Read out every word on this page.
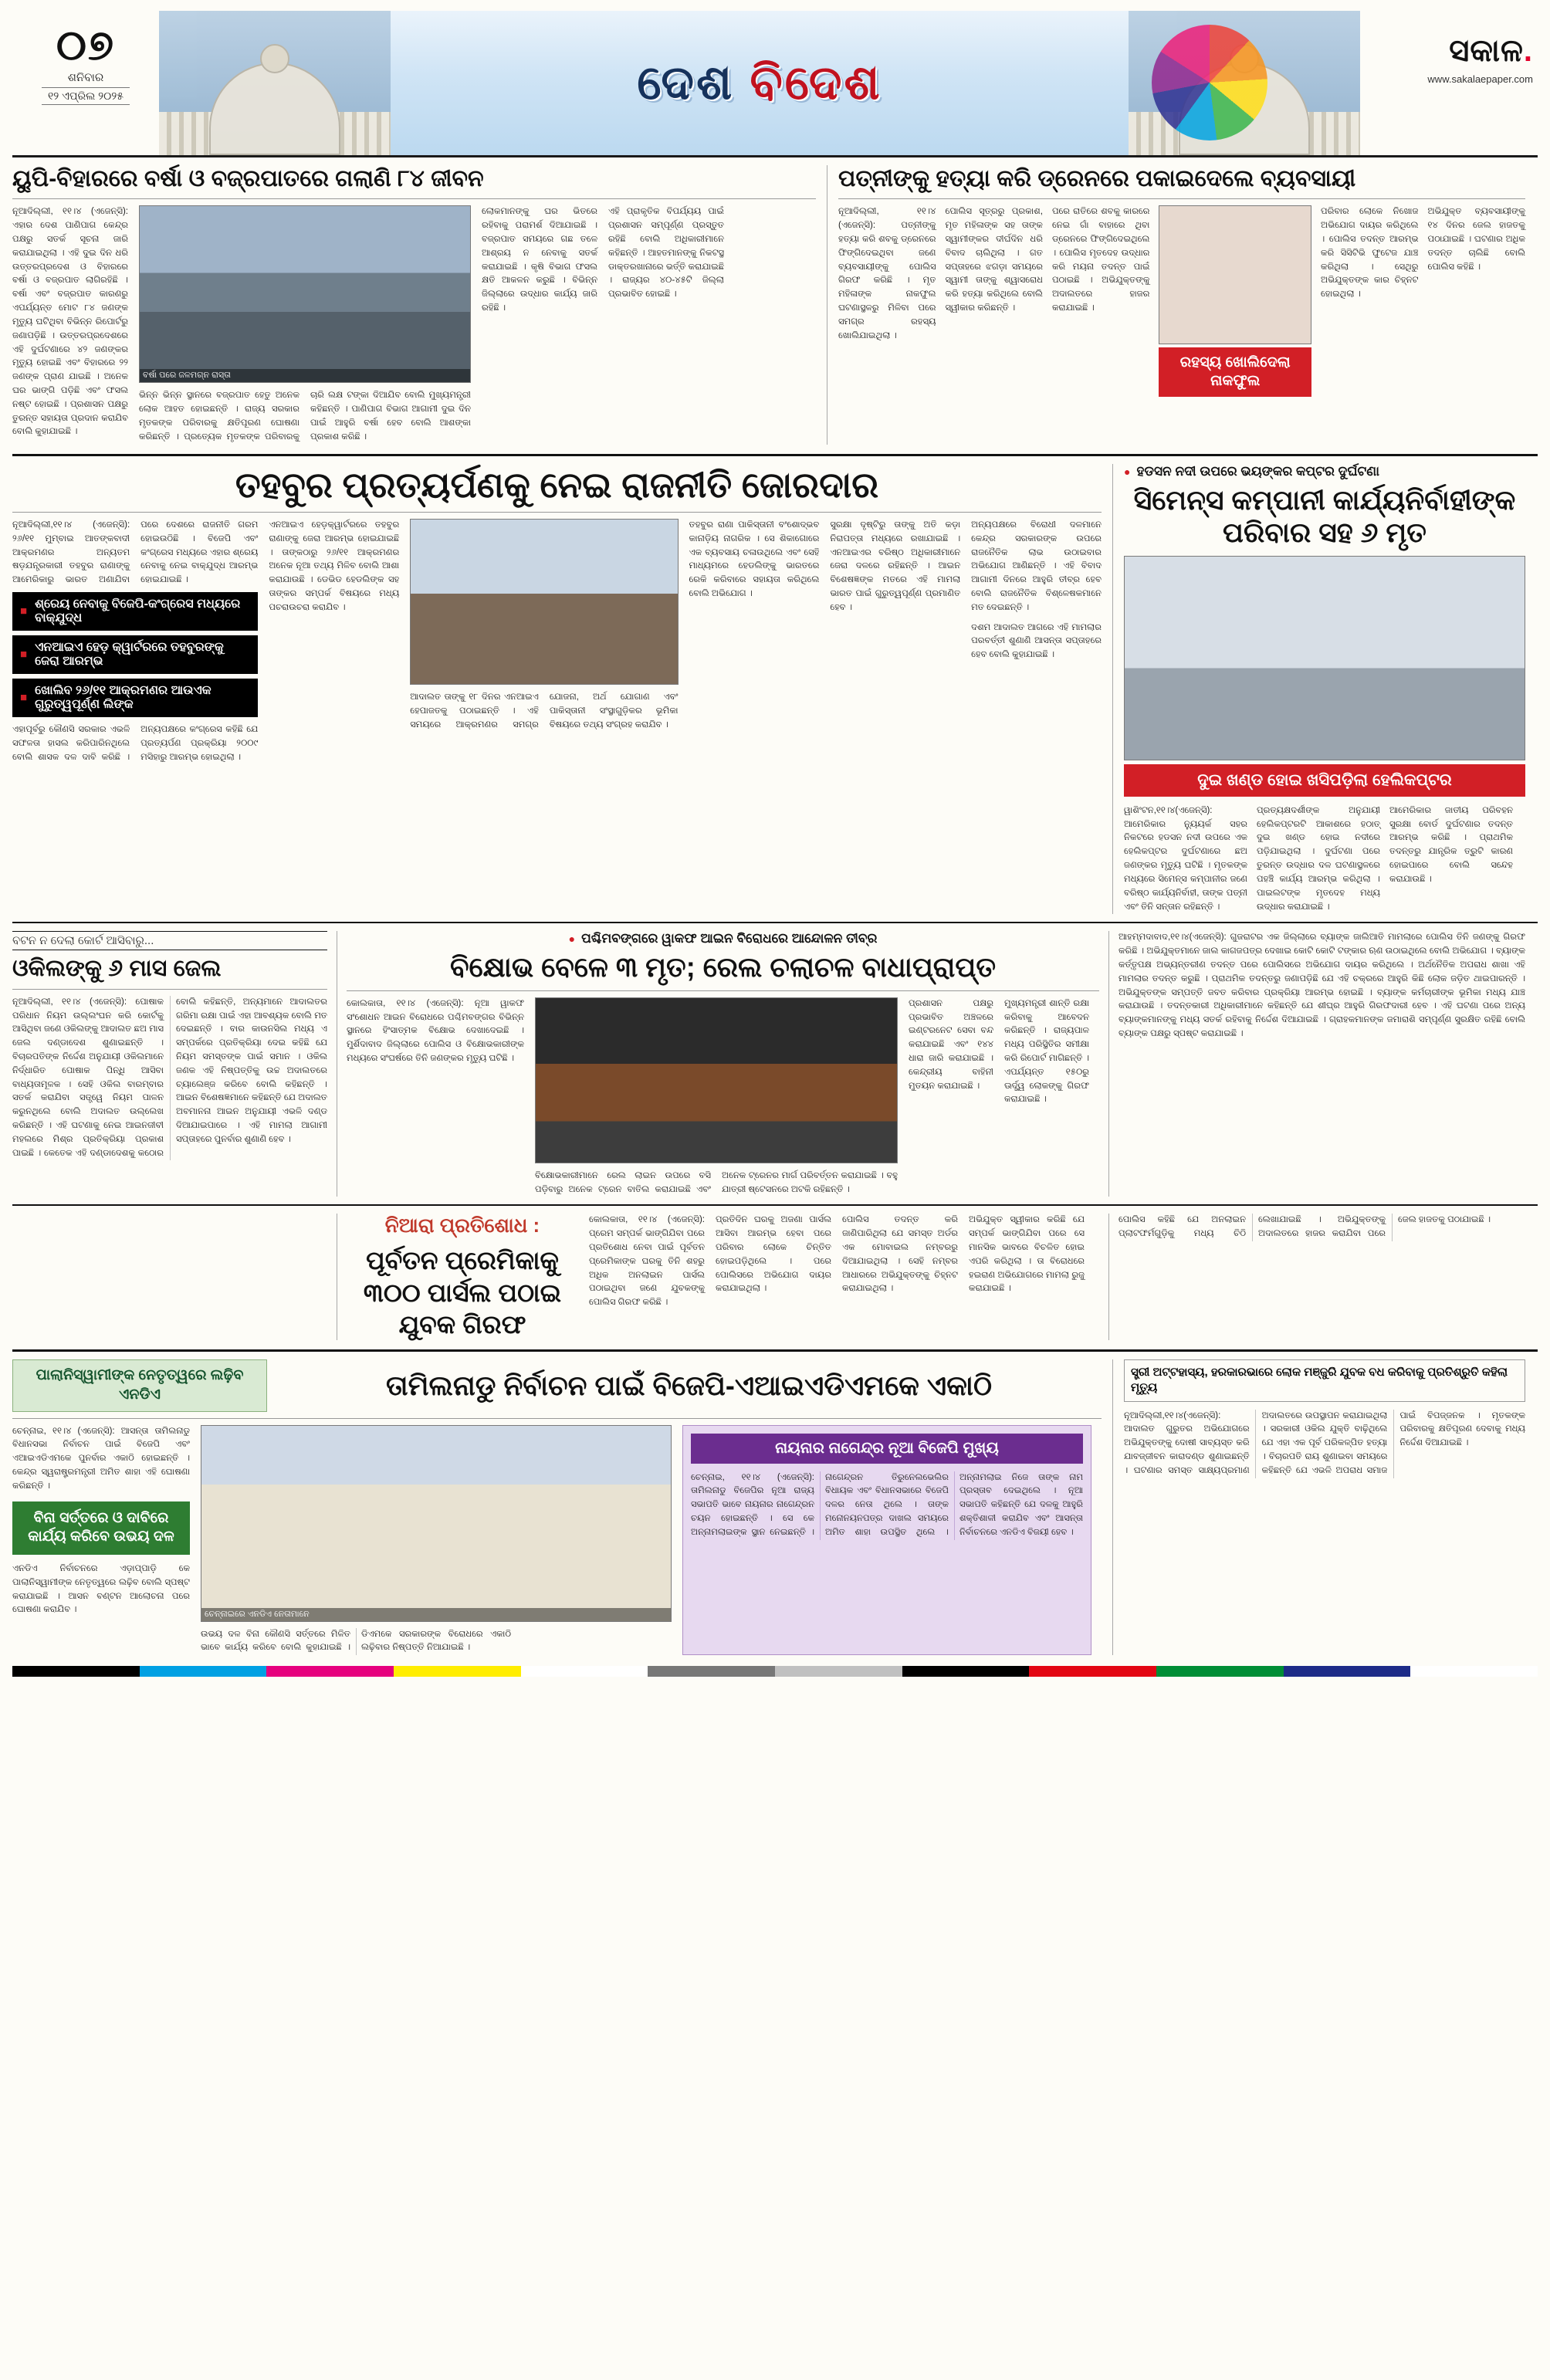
୦୭
ଶନିବାର
୧୨ ଏପ୍ରିଲ ୨୦୨୫	ଦେଶ ବିଦେଶ
ସକାଳ.
www.sakalaepaper.com
ୟୁପି-ବିହାରରେ ବର୍ଷା ଓ ବଜ୍ରପାତରେ ଗଲାଣି ୮୪ ଜୀବନ
ନୂଆଦିଲ୍ଲୀ, ୧୧।୪ (ଏଜେନ୍ସି): ଏହାର ଦେଶ ପାଣିପାଗ କେନ୍ଦ୍ର ପକ୍ଷରୁ ସତର୍କ ସୂଚନା ଜାରି କରାଯାଇଥିଲା । ଏହି ଦୁଇ ଦିନ ଧରି ଉତ୍ତରପ୍ରଦେଶ ଓ ବିହାରରେ ବର୍ଷା ଓ ବଜ୍ରପାତ ଲାଗିରହିଛି । ବର୍ଷା ଏବଂ ବଜ୍ରପାତ କାରଣରୁ ଏପର୍ଯ୍ୟନ୍ତ ମୋଟ ୮୪ ଜଣଙ୍କ ମୃତ୍ୟୁ ଘଟିଥିବା ବିଭିନ୍ନ ରିପୋର୍ଟରୁ ଜଣାପଡ଼ିଛି । ଉତ୍ତରପ୍ରଦେଶରେ ଏହି ଦୁର୍ଘଟଣାରେ ୪୨ ଜଣଙ୍କର ମୃତ୍ୟୁ ହୋଇଛି ଏବଂ ବିହାରରେ ୨୨ ଜଣଙ୍କ ପ୍ରାଣ ଯାଇଛି । ଅନେକ ଘର ଭାଙ୍ଗି ପଡ଼ିଛି ଏବଂ ଫସଲ ନଷ୍ଟ ହୋଇଛି । ପ୍ରଶାସନ ପକ୍ଷରୁ ତୁରନ୍ତ ସହାୟତା ପ୍ରଦାନ କରାଯିବ ବୋଲି କୁହାଯାଇଛି ।
ବର୍ଷା ପରେ ଜଳମଗ୍ନ ରାସ୍ତା
ଭିନ୍ନ ଭିନ୍ନ ସ୍ଥାନରେ ବଜ୍ରପାତ ହେତୁ ଅନେକ ଲୋକ ଆହତ ହୋଇଛନ୍ତି । ରାଜ୍ୟ ସରକାର ମୃତକଙ୍କ ପରିବାରକୁ କ୍ଷତିପୂରଣ ଘୋଷଣା କରିଛନ୍ତି । ପ୍ରତ୍ୟେକ ମୃତକଙ୍କ ପରିବାରକୁ ଚାରି ଲକ୍ଷ ଟଙ୍କା ଦିଆଯିବ ବୋଲି ମୁଖ୍ୟମନ୍ତ୍ରୀ କହିଛନ୍ତି । ପାଣିପାଗ ବିଭାଗ ଆଗାମୀ ଦୁଇ ଦିନ ପାଇଁ ଆହୁରି ବର୍ଷା ହେବ ବୋଲି ଆଶଙ୍କା ପ୍ରକାଶ କରିଛି ।
ଲୋକମାନଙ୍କୁ ଘର ଭିତରେ ରହିବାକୁ ପରାମର୍ଶ ଦିଆଯାଇଛି । ବଜ୍ରପାତ ସମୟରେ ଗଛ ତଳେ ଆଶ୍ରୟ ନ ନେବାକୁ ସତର୍କ କରାଯାଇଛି । କୃଷି ବିଭାଗ ଫସଲ କ୍ଷତି ଆକଳନ କରୁଛି । ବିଭିନ୍ନ ଜିଲ୍ଲାରେ ଉଦ୍ଧାର କାର୍ଯ୍ୟ ଜାରି ରହିଛି ।
ଏହି ପ୍ରାକୃତିକ ବିପର୍ଯ୍ୟୟ ପାଇଁ ପ୍ରଶାସନ ସମ୍ପୂର୍ଣ୍ଣ ପ୍ରସ୍ତୁତ ରହିଛି ବୋଲି ଅଧିକାରୀମାନେ କହିଛନ୍ତି । ଆହତମାନଙ୍କୁ ନିକଟସ୍ଥ ଡାକ୍ତରଖାନାରେ ଭର୍ତ୍ତି କରାଯାଇଛି । ରାଜ୍ୟର ୪୦-୪୫ଟି ଜିଲ୍ଲା ପ୍ରଭାବିତ ହୋଇଛି ।
ପତ୍ନୀଙ୍କୁ ହତ୍ୟା କରି ଡ୍ରେନରେ ପକାଇଦେଲେ ବ୍ୟବସାୟୀ
ନୂଆଦିଲ୍ଲୀ, ୧୧।୪ (ଏଜେନ୍ସି): ପତ୍ନୀଙ୍କୁ ହତ୍ୟା କରି ଶବକୁ ଡ୍ରେନରେ ଫିଙ୍ଗିଦେଇଥିବା ଜଣେ ବ୍ୟବସାୟୀଙ୍କୁ ପୋଲିସ ଗିରଫ କରିଛି । ମୃତ ମହିଳାଙ୍କ ନାକଫୁଲ ଘଟଣାସ୍ଥଳରୁ ମିଳିବା ପରେ ସମଗ୍ର ରହସ୍ୟ ଖୋଲିଯାଇଥିଲା ।
ପୋଲିସ ସୂତ୍ରରୁ ପ୍ରକାଶ, ମୃତ ମହିଳାଙ୍କ ସହ ତାଙ୍କ ସ୍ୱାମୀଙ୍କର ଦୀର୍ଘଦିନ ଧରି ବିବାଦ ଚାଲିଥିଲା । ଗତ ସପ୍ତାହରେ ଝଗଡ଼ା ସମୟରେ ସ୍ୱାମୀ ତାଙ୍କୁ ଶ୍ୱାସରୋଧ କରି ହତ୍ୟା କରିଥିଲେ ବୋଲି ସ୍ୱୀକାର କରିଛନ୍ତି ।
ପରେ ରାତିରେ ଶବକୁ କାରରେ ନେଇ ଗାଁ ବାହାରେ ଥିବା ଡ୍ରେନରେ ଫିଙ୍ଗିଦେଇଥିଲେ । ପୋଲିସ ମୃତଦେହ ଉଦ୍ଧାର କରି ମୟନା ତଦନ୍ତ ପାଇଁ ପଠାଇଛି । ଅଭିଯୁକ୍ତଙ୍କୁ ଅଦାଲତରେ ହାଜର କରାଯାଇଛି ।
ରହସ୍ୟ ଖୋଲିଦେଲା ନାକଫୁଲ
ପରିବାର ଲୋକେ ନିଖୋଜ ଅଭିଯୋଗ ଦାୟର କରିଥିଲେ । ପୋଲିସ ତଦନ୍ତ ଆରମ୍ଭ କରି ସିସିଟିଭି ଫୁଟେଜ ଯାଞ୍ଚ କରିଥିଲା । ସେଥିରୁ ଅଭିଯୁକ୍ତଙ୍କ କାର ଚିହ୍ନଟ ହୋଇଥିଲା ।
ଅଭିଯୁକ୍ତ ବ୍ୟବସାୟୀଙ୍କୁ ୧୪ ଦିନର ଜେଲ ହାଜତକୁ ପଠାଯାଇଛି । ଘଟଣାର ଅଧିକ ତଦନ୍ତ ଚାଲିଛି ବୋଲି ପୋଲିସ କହିଛି ।
ତହବୁର ପ୍ରତ୍ୟର୍ପଣକୁ ନେଇ ରାଜନୀତି ଜୋରଦାର
ନୂଆଦିଲ୍ଲୀ,୧୧।୪ (ଏଜେନ୍ସି): ୨୬/୧୧ ମୁମ୍ବାଇ ଆତଙ୍କବାଦୀ ଆକ୍ରମଣର ଅନ୍ୟତମ ଷଡ଼ଯନ୍ତ୍ରକାରୀ ତହବୁର ରାଣାଙ୍କୁ ଆମେରିକାରୁ ଭାରତ ଅଣାଯିବା ପରେ ଦେଶରେ ରାଜନୀତି ଗରମ ହୋଇଉଠିଛି । ବିଜେପି ଏବଂ କଂଗ୍ରେସ ମଧ୍ୟରେ ଏହାର ଶ୍ରେୟ ନେବାକୁ ନେଇ ବାକ୍‌ଯୁଦ୍ଧ ଆରମ୍ଭ ହୋଇଯାଇଛି ।
■ ଶ୍ରେୟ ନେବାକୁ ବିଜେପି-କଂଗ୍ରେସ ମଧ୍ୟରେ ବାକ୍‌ଯୁଦ୍ଧ
■ ଏନଆଇଏ ହେଡ଼ କ୍ୱାର୍ଟରରେ ତହବୁରଙ୍କୁ ଜେରା ଆରମ୍ଭ
■ ଖୋଲିବ ୨୬/୧୧ ଆକ୍ରମଣର ଆଉଏକ ଗୁରୁତ୍ୱପୂର୍ଣ୍ଣ ଲିଙ୍କ
ଏହାପୂର୍ବରୁ କୌଣସି ସରକାର ଏଭଳି ସଫଳତା ହାସଲ କରିପାରିନଥିଲେ ବୋଲି ଶାସକ ଦଳ ଦାବି କରିଛି । ଅନ୍ୟପକ୍ଷରେ କଂଗ୍ରେସ କହିଛି ଯେ ପ୍ରତ୍ୟର୍ପଣ ପ୍ରକ୍ରିୟା ୨୦୦୯ ମସିହାରୁ ଆରମ୍ଭ ହୋଇଥିଲା ।
ଏନଆଇଏ ହେଡ଼କ୍ୱାର୍ଟରରେ ତହବୁର ରାଣାଙ୍କୁ ଜେରା ଆରମ୍ଭ ହୋଇଯାଇଛି । ତାଙ୍କଠାରୁ ୨୬/୧୧ ଆକ୍ରମଣର ଅନେକ ନୂଆ ତଥ୍ୟ ମିଳିବ ବୋଲି ଆଶା କରାଯାଉଛି । ଡେଭିଡ ହେଡଲିଙ୍କ ସହ ତାଙ୍କର ସମ୍ପର୍କ ବିଷୟରେ ମଧ୍ୟ ପଚରାଉଚରା କରାଯିବ ।
ଆଦାଲତ ତାଙ୍କୁ ୧୮ ଦିନର ଏନଆଇଏ ହେପାଜତକୁ ପଠାଇଛନ୍ତି । ଏହି ସମୟରେ ଆକ୍ରମଣର ସମଗ୍ର ଯୋଜନା, ଅର୍ଥ ଯୋଗାଣ ଏବଂ ପାକିସ୍ତାନୀ ସଂସ୍ଥାଗୁଡ଼ିକର ଭୂମିକା ବିଷୟରେ ତଥ୍ୟ ସଂଗ୍ରହ କରାଯିବ ।
ତହବୁର ରାଣା ପାକିସ୍ତାନୀ ବଂଶୋଦ୍ଭବ କାନାଡ଼ିୟ ନାଗରିକ । ସେ ଶିକାଗୋରେ ଏକ ବ୍ୟବସାୟ ଚଳାଉଥିଲେ ଏବଂ ସେହି ମାଧ୍ୟମରେ ହେଡଲିଙ୍କୁ ଭାରତରେ ରେକି କରିବାରେ ସହାୟତା କରିଥିଲେ ବୋଲି ଅଭିଯୋଗ ।
ସୁରକ୍ଷା ଦୃଷ୍ଟିରୁ ତାଙ୍କୁ ଅତି କଡ଼ା ନିରାପତ୍ତା ମଧ୍ୟରେ ରଖାଯାଇଛି । ଏନଆଇଏର ବରିଷ୍ଠ ଅଧିକାରୀମାନେ ଜେରା ଦଳରେ ରହିଛନ୍ତି । ଆଇନ ବିଶେଷଜ୍ଞଙ୍କ ମତରେ ଏହି ମାମଲା ଭାରତ ପାଇଁ ଗୁରୁତ୍ୱପୂର୍ଣ୍ଣ ପ୍ରମାଣିତ ହେବ ।
ଅନ୍ୟପକ୍ଷରେ ବିରୋଧୀ ଦଳମାନେ କେନ୍ଦ୍ର ସରକାରଙ୍କ ଉପରେ ରାଜନୈତିକ ଲାଭ ଉଠାଇବାର ଅଭିଯୋଗ ଆଣିଛନ୍ତି । ଏହି ବିବାଦ ଆଗାମୀ ଦିନରେ ଆହୁରି ତୀବ୍ର ହେବ ବୋଲି ରାଜନୈତିକ ବିଶ୍ଳେଷକମାନେ ମତ ଦେଇଛନ୍ତି ।
ଦଶମ ଆଦାଲତ ଆଗରେ ଏହି ମାମଲାର ପରବର୍ତ୍ତୀ ଶୁଣାଣି ଆସନ୍ତା ସପ୍ତାହରେ ହେବ ବୋଲି କୁହାଯାଇଛି ।
● ହଡସନ ନଦୀ ଉପରେ ଭୟଙ୍କର କପ୍ଟର ଦୁର୍ଘଟଣା
ସିମେନ୍ସ କମ୍ପାନୀ କାର୍ଯ୍ୟନିର୍ବାହୀଙ୍କ ପରିବାର ସହ ୬ ମୃତ
ଦୁଇ ଖଣ୍ଡ ହୋଇ ଖସିପଡ଼ିଲା ହେଲିକପ୍ଟର
ୱାଶିଂଟନ,୧୧।୪(ଏଜେନ୍ସି): ଆମେରିକାର ନ୍ୟୁୟର୍କ ସହର ନିକଟରେ ହଡସନ ନଦୀ ଉପରେ ଏକ ହେଲିକପ୍ଟର ଦୁର୍ଘଟଣାରେ ଛଅ ଜଣଙ୍କର ମୃତ୍ୟୁ ଘଟିଛି । ମୃତକଙ୍କ ମଧ୍ୟରେ ସିମେନ୍ସ କମ୍ପାନୀର ଜଣେ ବରିଷ୍ଠ କାର୍ଯ୍ୟନିର୍ବାହୀ, ତାଙ୍କ ପତ୍ନୀ ଏବଂ ତିନି ସନ୍ତାନ ରହିଛନ୍ତି ।
ପ୍ରତ୍ୟକ୍ଷଦର୍ଶୀଙ୍କ ଅନୁଯାୟୀ ହେଲିକପ୍ଟରଟି ଆକାଶରେ ହଠାତ୍ ଦୁଇ ଖଣ୍ଡ ହୋଇ ନଦୀରେ ପଡ଼ିଯାଇଥିଲା । ଦୁର୍ଘଟଣା ପରେ ତୁରନ୍ତ ଉଦ୍ଧାର ଦଳ ଘଟଣାସ୍ଥଳରେ ପହଞ୍ଚି କାର୍ଯ୍ୟ ଆରମ୍ଭ କରିଥିଲା । ପାଇଲଟଙ୍କ ମୃତଦେହ ମଧ୍ୟ ଉଦ୍ଧାର କରାଯାଇଛି ।
ଆମେରିକାର ଜାତୀୟ ପରିବହନ ସୁରକ୍ଷା ବୋର୍ଡ ଦୁର୍ଘଟଣାର ତଦନ୍ତ ଆରମ୍ଭ କରିଛି । ପ୍ରାଥମିକ ତଦନ୍ତରୁ ଯାନ୍ତ୍ରିକ ତ୍ରୁଟି କାରଣ ହୋଇପାରେ ବୋଲି ସନ୍ଦେହ କରାଯାଉଛି ।
ବଟନ ନ ଦେଲା କୋର୍ଟ ଆସିବାରୁ...
ଓକିଲଙ୍କୁ ୬ ମାସ ଜେଲ
ନୂଆଦିଲ୍ଲୀ, ୧୧।୪ (ଏଜେନ୍ସି): ପୋଷାକ ପରିଧାନ ନିୟମ ଉଲ୍ଲଂଘନ କରି କୋର୍ଟକୁ ଆସିଥିବା ଜଣେ ଓକିଲଙ୍କୁ ଆଦାଲତ ଛଅ ମାସ ଜେଲ ଦଣ୍ଡାଦେଶ ଶୁଣାଇଛନ୍ତି । ବିଚାରପତିଙ୍କ ନିର୍ଦ୍ଦେଶ ଅନୁଯାୟୀ ଓକିଲମାନେ ନିର୍ଦ୍ଧାରିତ ପୋଷାକ ପିନ୍ଧି ଆସିବା ବାଧ୍ୟତାମୂଳକ । ସେହି ଓକିଲ ବାରମ୍ବାର ସତର୍କ କରାଯିବା ସତ୍ତ୍ୱେ ନିୟମ ପାଳନ କରୁନଥିଲେ ବୋଲି ଅଦାଲତ ଉଲ୍ଲେଖ କରିଛନ୍ତି । ଏହି ଘଟଣାକୁ ନେଇ ଆଇନଜୀବୀ ମହଲରେ ମିଶ୍ର ପ୍ରତିକ୍ରିୟା ପ୍ରକାଶ ପାଇଛି । କେତେକ ଏହି ଦଣ୍ଡାଦେଶକୁ କଠୋର ବୋଲି କହିଛନ୍ତି, ଅନ୍ୟମାନେ ଆଦାଲତର ଗରିମା ରକ୍ଷା ପାଇଁ ଏହା ଆବଶ୍ୟକ ବୋଲି ମତ ଦେଇଛନ୍ତି । ବାର କାଉନସିଲ ମଧ୍ୟ ଏ ସମ୍ପର୍କରେ ପ୍ରତିକ୍ରିୟା ଦେଇ କହିଛି ଯେ ନିୟମ ସମସ୍ତଙ୍କ ପାଇଁ ସମାନ । ଓକିଲ ଜଣକ ଏହି ନିଷ୍ପତ୍ତିକୁ ଉଚ୍ଚ ଅଦାଲତରେ ଚ୍ୟାଲେଞ୍ଜ କରିବେ ବୋଲି କହିଛନ୍ତି । ଆଇନ ବିଶେଷଜ୍ଞମାନେ କହିଛନ୍ତି ଯେ ଅଦାଲତ ଅବମାନନା ଆଇନ ଅନୁଯାୟୀ ଏଭଳି ଦଣ୍ଡ ଦିଆଯାଇପାରେ । ଏହି ମାମଲା ଆଗାମୀ ସପ୍ତାହରେ ପୁନର୍ବାର ଶୁଣାଣି ହେବ ।
● ପଶ୍ଚିମବଙ୍ଗରେ ୱାକଫ ଆଇନ ବିରୋଧରେ ଆନ୍ଦୋଳନ ତୀବ୍ର
ବିକ୍ଷୋଭ ବେଳେ ୩ ମୃତ; ରେଲ ଚଲାଚଳ ବାଧାପ୍ରାପ୍ତ
କୋଲକାତା, ୧୧।୪ (ଏଜେନ୍ସି): ନୂଆ ୱାକଫ ସଂଶୋଧନ ଆଇନ ବିରୋଧରେ ପଶ୍ଚିମବଙ୍ଗର ବିଭିନ୍ନ ସ୍ଥାନରେ ହିଂସାତ୍ମକ ବିକ୍ଷୋଭ ଦେଖାଦେଇଛି । ମୁର୍ଶିଦାବାଦ ଜିଲ୍ଲାରେ ପୋଲିସ ଓ ବିକ୍ଷୋଭକାରୀଙ୍କ ମଧ୍ୟରେ ସଂଘର୍ଷରେ ତିନି ଜଣଙ୍କର ମୃତ୍ୟୁ ଘଟିଛି ।
ବିକ୍ଷୋଭକାରୀମାନେ ରେଲ ଲାଇନ ଉପରେ ବସି ପଡ଼ିବାରୁ ଅନେକ ଟ୍ରେନ ବାତିଲ କରାଯାଇଛି ଏବଂ ଅନେକ ଟ୍ରେନର ମାର୍ଗ ପରିବର୍ତ୍ତନ କରାଯାଇଛି । ବହୁ ଯାତ୍ରୀ ଷ୍ଟେସନରେ ଅଟକି ରହିଛନ୍ତି ।
ପ୍ରଶାସନ ପକ୍ଷରୁ ପ୍ରଭାବିତ ଅଞ୍ଚଳରେ ଇଣ୍ଟରନେଟ ସେବା ବନ୍ଦ କରାଯାଇଛି ଏବଂ ୧୪୪ ଧାରା ଜାରି କରାଯାଇଛି । କେନ୍ଦ୍ରୀୟ ବାହିନୀ ମୁତୟନ କରାଯାଇଛି ।
ମୁଖ୍ୟମନ୍ତ୍ରୀ ଶାନ୍ତି ରକ୍ଷା କରିବାକୁ ଆବେଦନ କରିଛନ୍ତି । ରାଜ୍ୟପାଳ ମଧ୍ୟ ପରିସ୍ଥିତିର ସମୀକ୍ଷା କରି ରିପୋର୍ଟ ମାଗିଛନ୍ତି । ଏପର୍ଯ୍ୟନ୍ତ ୧୫୦ରୁ ଊର୍ଦ୍ଧ୍ୱ ଲୋକଙ୍କୁ ଗିରଫ କରାଯାଇଛି ।
ଆହମ୍ମଦାବାଦ,୧୧।୪(ଏଜେନ୍ସି): ଗୁଜରାଟର ଏକ ଜିଲ୍ଲାରେ ବ୍ୟାଙ୍କ ଜାଲିଆତି ମାମଲାରେ ପୋଲିସ ତିନି ଜଣଙ୍କୁ ଗିରଫ କରିଛି । ଅଭିଯୁକ୍ତମାନେ ଜାଲ କାଗଜପତ୍ର ଦେଖାଇ କୋଟି କୋଟି ଟଙ୍କାର ଋଣ ଉଠାଇଥିଲେ ବୋଲି ଅଭିଯୋଗ । ବ୍ୟାଙ୍କ କର୍ତ୍ତୃପକ୍ଷ ଅଭ୍ୟନ୍ତରୀଣ ତଦନ୍ତ ପରେ ପୋଲିସରେ ଅଭିଯୋଗ ଦାୟର କରିଥିଲେ । ଅର୍ଥନୈତିକ ଅପରାଧ ଶାଖା ଏହି ମାମଲାର ତଦନ୍ତ କରୁଛି । ପ୍ରାଥମିକ ତଦନ୍ତରୁ ଜଣାପଡ଼ିଛି ଯେ ଏହି ଚକ୍ରରେ ଆହୁରି କିଛି ଲୋକ ଜଡ଼ିତ ଥାଇପାରନ୍ତି । ଅଭିଯୁକ୍ତଙ୍କ ସମ୍ପତ୍ତି ଜବତ କରିବାର ପ୍ରକ୍ରିୟା ଆରମ୍ଭ ହୋଇଛି । ବ୍ୟାଙ୍କ କର୍ମଚାରୀଙ୍କ ଭୂମିକା ମଧ୍ୟ ଯାଞ୍ଚ କରାଯାଉଛି । ତଦନ୍ତକାରୀ ଅଧିକାରୀମାନେ କହିଛନ୍ତି ଯେ ଶୀଘ୍ର ଆହୁରି ଗିରଫଦାରୀ ହେବ । ଏହି ଘଟଣା ପରେ ଅନ୍ୟ ବ୍ୟାଙ୍କମାନଙ୍କୁ ମଧ୍ୟ ସତର୍କ ରହିବାକୁ ନିର୍ଦ୍ଦେଶ ଦିଆଯାଇଛି । ଗ୍ରାହକମାନଙ୍କ ଜମାରାଶି ସମ୍ପୂର୍ଣ୍ଣ ସୁରକ୍ଷିତ ରହିଛି ବୋଲି ବ୍ୟାଙ୍କ ପକ୍ଷରୁ ସ୍ପଷ୍ଟ କରାଯାଇଛି ।
ନିଆରା ପ୍ରତିଶୋଧ :
ପୂର୍ବତନ ପ୍ରେମିକାକୁ ୩୦୦ ପାର୍ସଲ ପଠାଇ ଯୁବକ ଗିରଫ
କୋଲକାତା, ୧୧।୪ (ଏଜେନ୍ସି): ପ୍ରେମ ସମ୍ପର୍କ ଭାଙ୍ଗିଯିବା ପରେ ପ୍ରତିଶୋଧ ନେବା ପାଇଁ ପୂର୍ବତନ ପ୍ରେମିକାଙ୍କ ଘରକୁ ତିନି ଶହରୁ ଅଧିକ ଅନଲାଇନ ପାର୍ସଲ ପଠାଇଥିବା ଜଣେ ଯୁବକଙ୍କୁ ପୋଲିସ ଗିରଫ କରିଛି ।
ପ୍ରତିଦିନ ଘରକୁ ଅଜଣା ପାର୍ସଲ ଆସିବା ଆରମ୍ଭ ହେବା ପରେ ପରିବାର ଲୋକେ ଚିନ୍ତିତ ହୋଇପଡ଼ିଥିଲେ । ପରେ ପୋଲିସରେ ଅଭିଯୋଗ ଦାୟର କରାଯାଇଥିଲା ।
ପୋଲିସ ତଦନ୍ତ କରି ଜାଣିପାରିଥିଲା ଯେ ସମସ୍ତ ଅର୍ଡର ଏକ ମୋବାଇଲ ନମ୍ବରରୁ ଦିଆଯାଇଥିଲା । ସେହି ନମ୍ବର ଆଧାରରେ ଅଭିଯୁକ୍ତଙ୍କୁ ଚିହ୍ନଟ କରାଯାଇଥିଲା ।
ଅଭିଯୁକ୍ତ ସ୍ୱୀକାର କରିଛି ଯେ ସମ୍ପର୍କ ଭାଙ୍ଗିଯିବା ପରେ ସେ ମାନସିକ ଭାବରେ ବିଚଳିତ ହୋଇ ଏପରି କରିଥିଲା । ତା ବିରୋଧରେ ହଇରାଣ ଅଭିଯୋଗରେ ମାମଲା ରୁଜୁ କରାଯାଇଛି ।
ପୋଲିସ କହିଛି ଯେ ଅନଲାଇନ ପ୍ଲାଟଫର୍ମଗୁଡ଼ିକୁ ମଧ୍ୟ ଚିଠି ଲେଖାଯାଇଛି । ଅଭିଯୁକ୍ତଙ୍କୁ ଅଦାଲତରେ ହାଜର କରାଯିବା ପରେ ଜେଲ ହାଜତକୁ ପଠାଯାଇଛି ।
ପାଲାନିସ୍ୱାମୀଙ୍କ ନେତୃତ୍ୱରେ ଲଢ଼ିବ ଏନଡିଏ	ତାମିଲନାଡୁ ନିର୍ବାଚନ ପାଇଁ ବିଜେପି-ଏଆଇଏଡିଏମକେ ଏକାଠି
ଚେନ୍ନାଇ, ୧୧।୪ (ଏଜେନ୍ସି): ଆସନ୍ତା ତାମିଲନାଡୁ ବିଧାନସଭା ନିର୍ବାଚନ ପାଇଁ ବିଜେପି ଏବଂ ଏଆଇଏଡିଏମକେ ପୁନର୍ବାର ଏକାଠି ହୋଇଛନ୍ତି । କେନ୍ଦ୍ର ସ୍ୱରାଷ୍ଟ୍ରମନ୍ତ୍ରୀ ଅମିତ ଶାହା ଏହି ଘୋଷଣା କରିଛନ୍ତି ।
ବିନା ସର୍ତ୍ତରେ ଓ ଦାବିରେ କାର୍ଯ୍ୟ କରିବେ ଉଭୟ ଦଳ
ଏନଡିଏ ନିର୍ବାଚନରେ ଏଡ଼ାପ୍ପାଡ଼ି କେ ପାଲାନିସ୍ୱାମୀଙ୍କ ନେତୃତ୍ୱରେ ଲଢ଼ିବ ବୋଲି ସ୍ପଷ୍ଟ କରାଯାଇଛି । ଆସନ ବଣ୍ଟନ ଆଲୋଚନା ପରେ ଘୋଷଣା କରାଯିବ ।	ଚେନ୍ନାଇରେ ଏନଡିଏ ନେତାମାନେ
ଉଭୟ ଦଳ ବିନା କୌଣସି ସର୍ତ୍ତରେ ମିଳିତ ଭାବେ କାର୍ଯ୍ୟ କରିବେ ବୋଲି କୁହାଯାଇଛି । ଡିଏମକେ ସରକାରଙ୍କ ବିରୋଧରେ ଏକାଠି ଲଢ଼ିବାର ନିଷ୍ପତ୍ତି ନିଆଯାଇଛି ।
ନାୟନାର ନାଗେନ୍ଦ୍ର ନୂଆ ବିଜେପି ମୁଖ୍ୟ
ଚେନ୍ନାଇ, ୧୧।୪ (ଏଜେନ୍ସି): ତାମିଲନାଡୁ ବିଜେପିର ନୂଆ ରାଜ୍ୟ ସଭାପତି ଭାବେ ନାୟନାର ନାଗେନ୍ଦ୍ରନ ଚୟନ ହୋଇଛନ୍ତି । ସେ କେ ଅନ୍ନାମଲାଇଙ୍କ ସ୍ଥାନ ନେଇଛନ୍ତି । ନାଗେନ୍ଦ୍ରନ ତିରୁନେଲଭେଲିର ବିଧାୟକ ଏବଂ ବିଧାନସଭାରେ ବିଜେପି ଦଳର ନେତା ଥିଲେ । ତାଙ୍କ ମନୋନୟନପତ୍ର ଦାଖଲ ସମୟରେ ଅମିତ ଶାହା ଉପସ୍ଥିତ ଥିଲେ । ଅନ୍ନାମଲାଇ ନିଜେ ତାଙ୍କ ନାମ ପ୍ରସ୍ତାବ ଦେଇଥିଲେ । ନୂଆ ସଭାପତି କହିଛନ୍ତି ଯେ ଦଳକୁ ଆହୁରି ଶକ୍ତିଶାଳୀ କରାଯିବ ଏବଂ ଆସନ୍ତା ନିର୍ବାଚନରେ ଏନଡିଏ ବିଜୟୀ ହେବ ।
ସ୍ତ୍ରୀ ଅଟ୍ଟହାସ୍ୟ, ହରକାରଭାରେ ଲୋକ ମଞ୍ଜୁରି ଯୁବକ ବଧ କରିବାକୁ ପ୍ରତିଶ୍ରୁତି କହିଲା ମୃତ୍ୟୁ
ନୂଆଦିଲ୍ଲୀ,୧୧।୪(ଏଜେନ୍ସି): ଆଦାଲତ ଗୁରୁତର ଅଭିଯୋଗରେ ଅଭିଯୁକ୍ତଙ୍କୁ ଦୋଷୀ ସାବ୍ୟସ୍ତ କରି ଯାବଜ୍ଜୀବନ କାରାଦଣ୍ଡ ଶୁଣାଇଛନ୍ତି । ଘଟଣାର ସମସ୍ତ ସାକ୍ଷ୍ୟପ୍ରମାଣ ଅଦାଲତରେ ଉପସ୍ଥାପନ କରାଯାଇଥିଲା । ସରକାରୀ ଓକିଲ ଯୁକ୍ତି ବାଢ଼ିଥିଲେ ଯେ ଏହା ଏକ ପୂର୍ବ ପରିକଳ୍ପିତ ହତ୍ୟା । ବିଚାରପତି ରାୟ ଶୁଣାଇବା ସମୟରେ କହିଛନ୍ତି ଯେ ଏଭଳି ଅପରାଧ ସମାଜ ପାଇଁ ବିପଜ୍ଜନକ । ମୃତକଙ୍କ ପରିବାରକୁ କ୍ଷତିପୂରଣ ଦେବାକୁ ମଧ୍ୟ ନିର୍ଦ୍ଦେଶ ଦିଆଯାଇଛି ।
